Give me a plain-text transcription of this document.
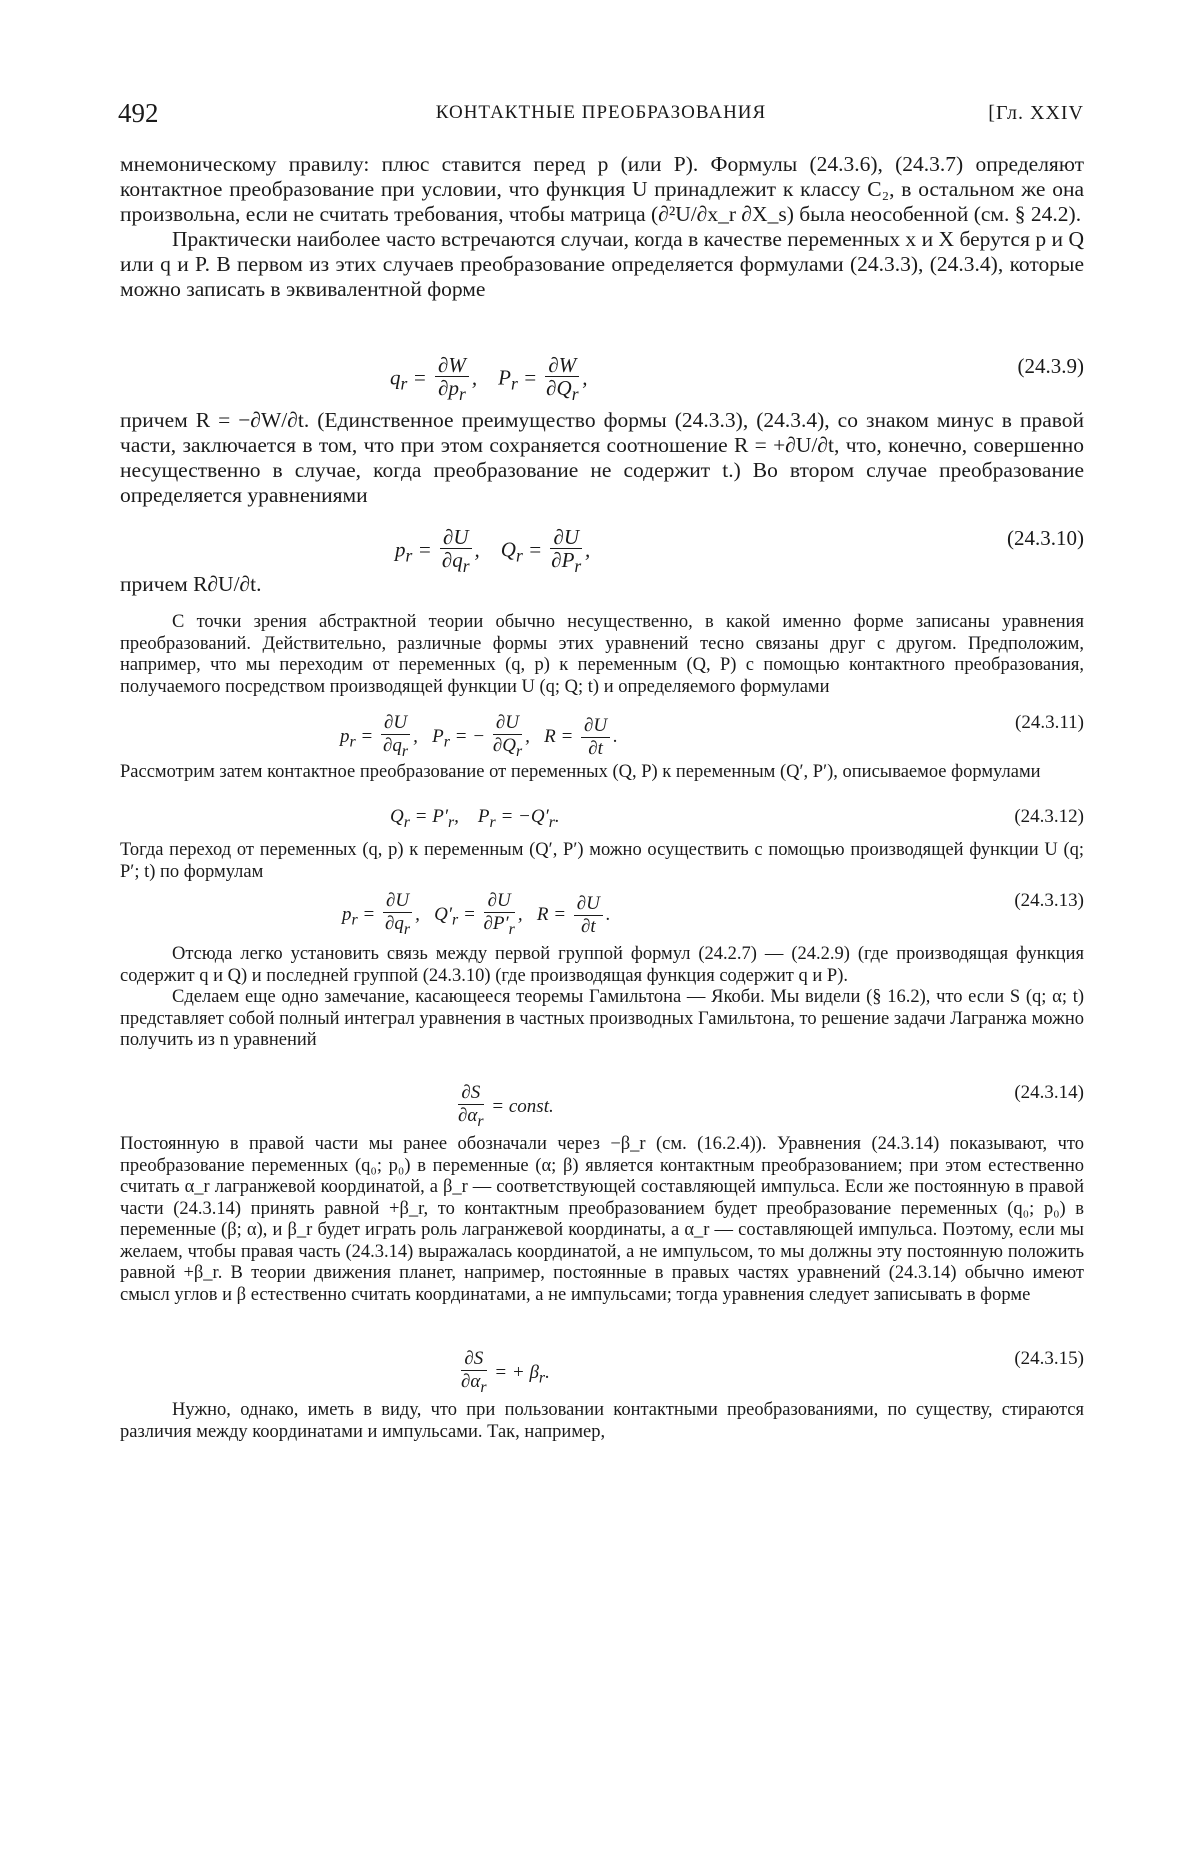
492	КОНТАКТНЫЕ ПРЕОБРАЗОВАНИЯ	[Гл. XXIV

мнемоническому правилу: плюс ставится перед p (или P). Формулы (24.3.6), (24.3.7) определяют контактное преобразование при условии, что функция U принадлежит к классу C₂, в остальном же она произвольна, если не считать требования, чтобы матрица (∂²U/∂x_r ∂X_s) была неособенной (см. § 24.2).

Практически наиболее часто встречаются случаи, когда в качестве переменных x и X берутся p и Q или q и P. В первом из этих случаев преобразование определяется формулами (24.3.3), (24.3.4), которые можно записать в эквивалентной форме

$q_r = \frac{\partial W}{\partial p_r}$ ,    $P_r = \frac{\partial W}{\partial Q_r}$ ,	(24.3.9)

причем R = −∂W/∂t. (Единственное преимущество формы (24.3.3), (24.3.4), со знаком минус в правой части, заключается в том, что при этом сохраняется соотношение R = +∂U/∂t, что, конечно, совершенно несущественно в случае, когда преобразование не содержит t.) Во втором случае преобразование определяется уравнениями

$p_r = \frac{\partial U}{\partial q_r}$ ,    $Q_r = \frac{\partial U}{\partial P_r}$ ,	(24.3.10)

причем R∂U/∂t.

С точки зрения абстрактной теории обычно несущественно, в какой именно форме записаны уравнения преобразований. Действительно, различные формы этих уравнений тесно связаны друг с другом. Предположим, например, что мы переходим от переменных (q, p) к переменным (Q, P) с помощью контактного преобразования, получаемого посредством производящей функции U (q; Q; t) и определяемого формулами

$p_r = \frac{\partial U}{\partial q_r}$ ,   $P_r$ = − $\frac{\partial U}{\partial Q_r}$ ,   $R = \frac{\partial U}{\partial t}$ .
(24.3.11)

Рассмотрим затем контактное преобразование от переменных (Q, P) к переменным (Q′, P′), описываемое формулами

$Q_r = P'_r$,    $P_r = -Q'_r$.	(24.3.12)

Тогда переход от переменных (q, p) к переменным (Q′, P′) можно осуществить с помощью производящей функции U (q; P′; t) по формулам

$p_r = \frac{\partial U}{\partial q_r}$ ,   $Q'_r = \frac{\partial U}{\partial P'_r}$ ,   $R = \frac{\partial U}{\partial t}$ .
(24.3.13)

Отсюда легко установить связь между первой группой формул (24.2.7) — (24.2.9) (где производящая функция содержит q и Q) и последней группой (24.3.10) (где производящая функция содержит q и P).

Сделаем еще одно замечание, касающееся теоремы Гамильтона — Якоби. Мы видели (§ 16.2), что если S (q; α; t) представляет собой полный интеграл уравнения в частных производных Гамильтона, то решение задачи Лагранжа можно получить из n уравнений

$\frac{\partial S}{\partial\alpha_r}$ = const.
(24.3.14)

Постоянную в правой части мы ранее обозначали через −β_r (см. (16.2.4)). Уравнения (24.3.14) показывают, что преобразование переменных (q₀; p₀) в переменные (α; β) является контактным преобразованием; при этом естественно считать α_r лагранжевой координатой, а β_r — соответствующей составляющей импульса. Если же постоянную в правой части (24.3.14) принять равной +β_r, то контактным преобразованием будет преобразование переменных (q₀; p₀) в переменные (β; α), и β_r будет играть роль лагранжевой координаты, а α_r — составляющей импульса. Поэтому, если мы желаем, чтобы правая часть (24.3.14) выражалась координатой, а не импульсом, то мы должны эту постоянную положить равной +β_r. В теории движения планет, например, постоянные в правых частях уравнений (24.3.14) обычно имеют смысл углов и β естественно считать координатами, а не импульсами; тогда уравнения следует записывать в форме

$\frac{\partial S}{\partial\alpha_r}$ = + $\beta_r$.
(24.3.15)

Нужно, однако, иметь в виду, что при пользовании контактными преобразованиями, по существу, стираются различия между координатами и импульсами. Так, например,
